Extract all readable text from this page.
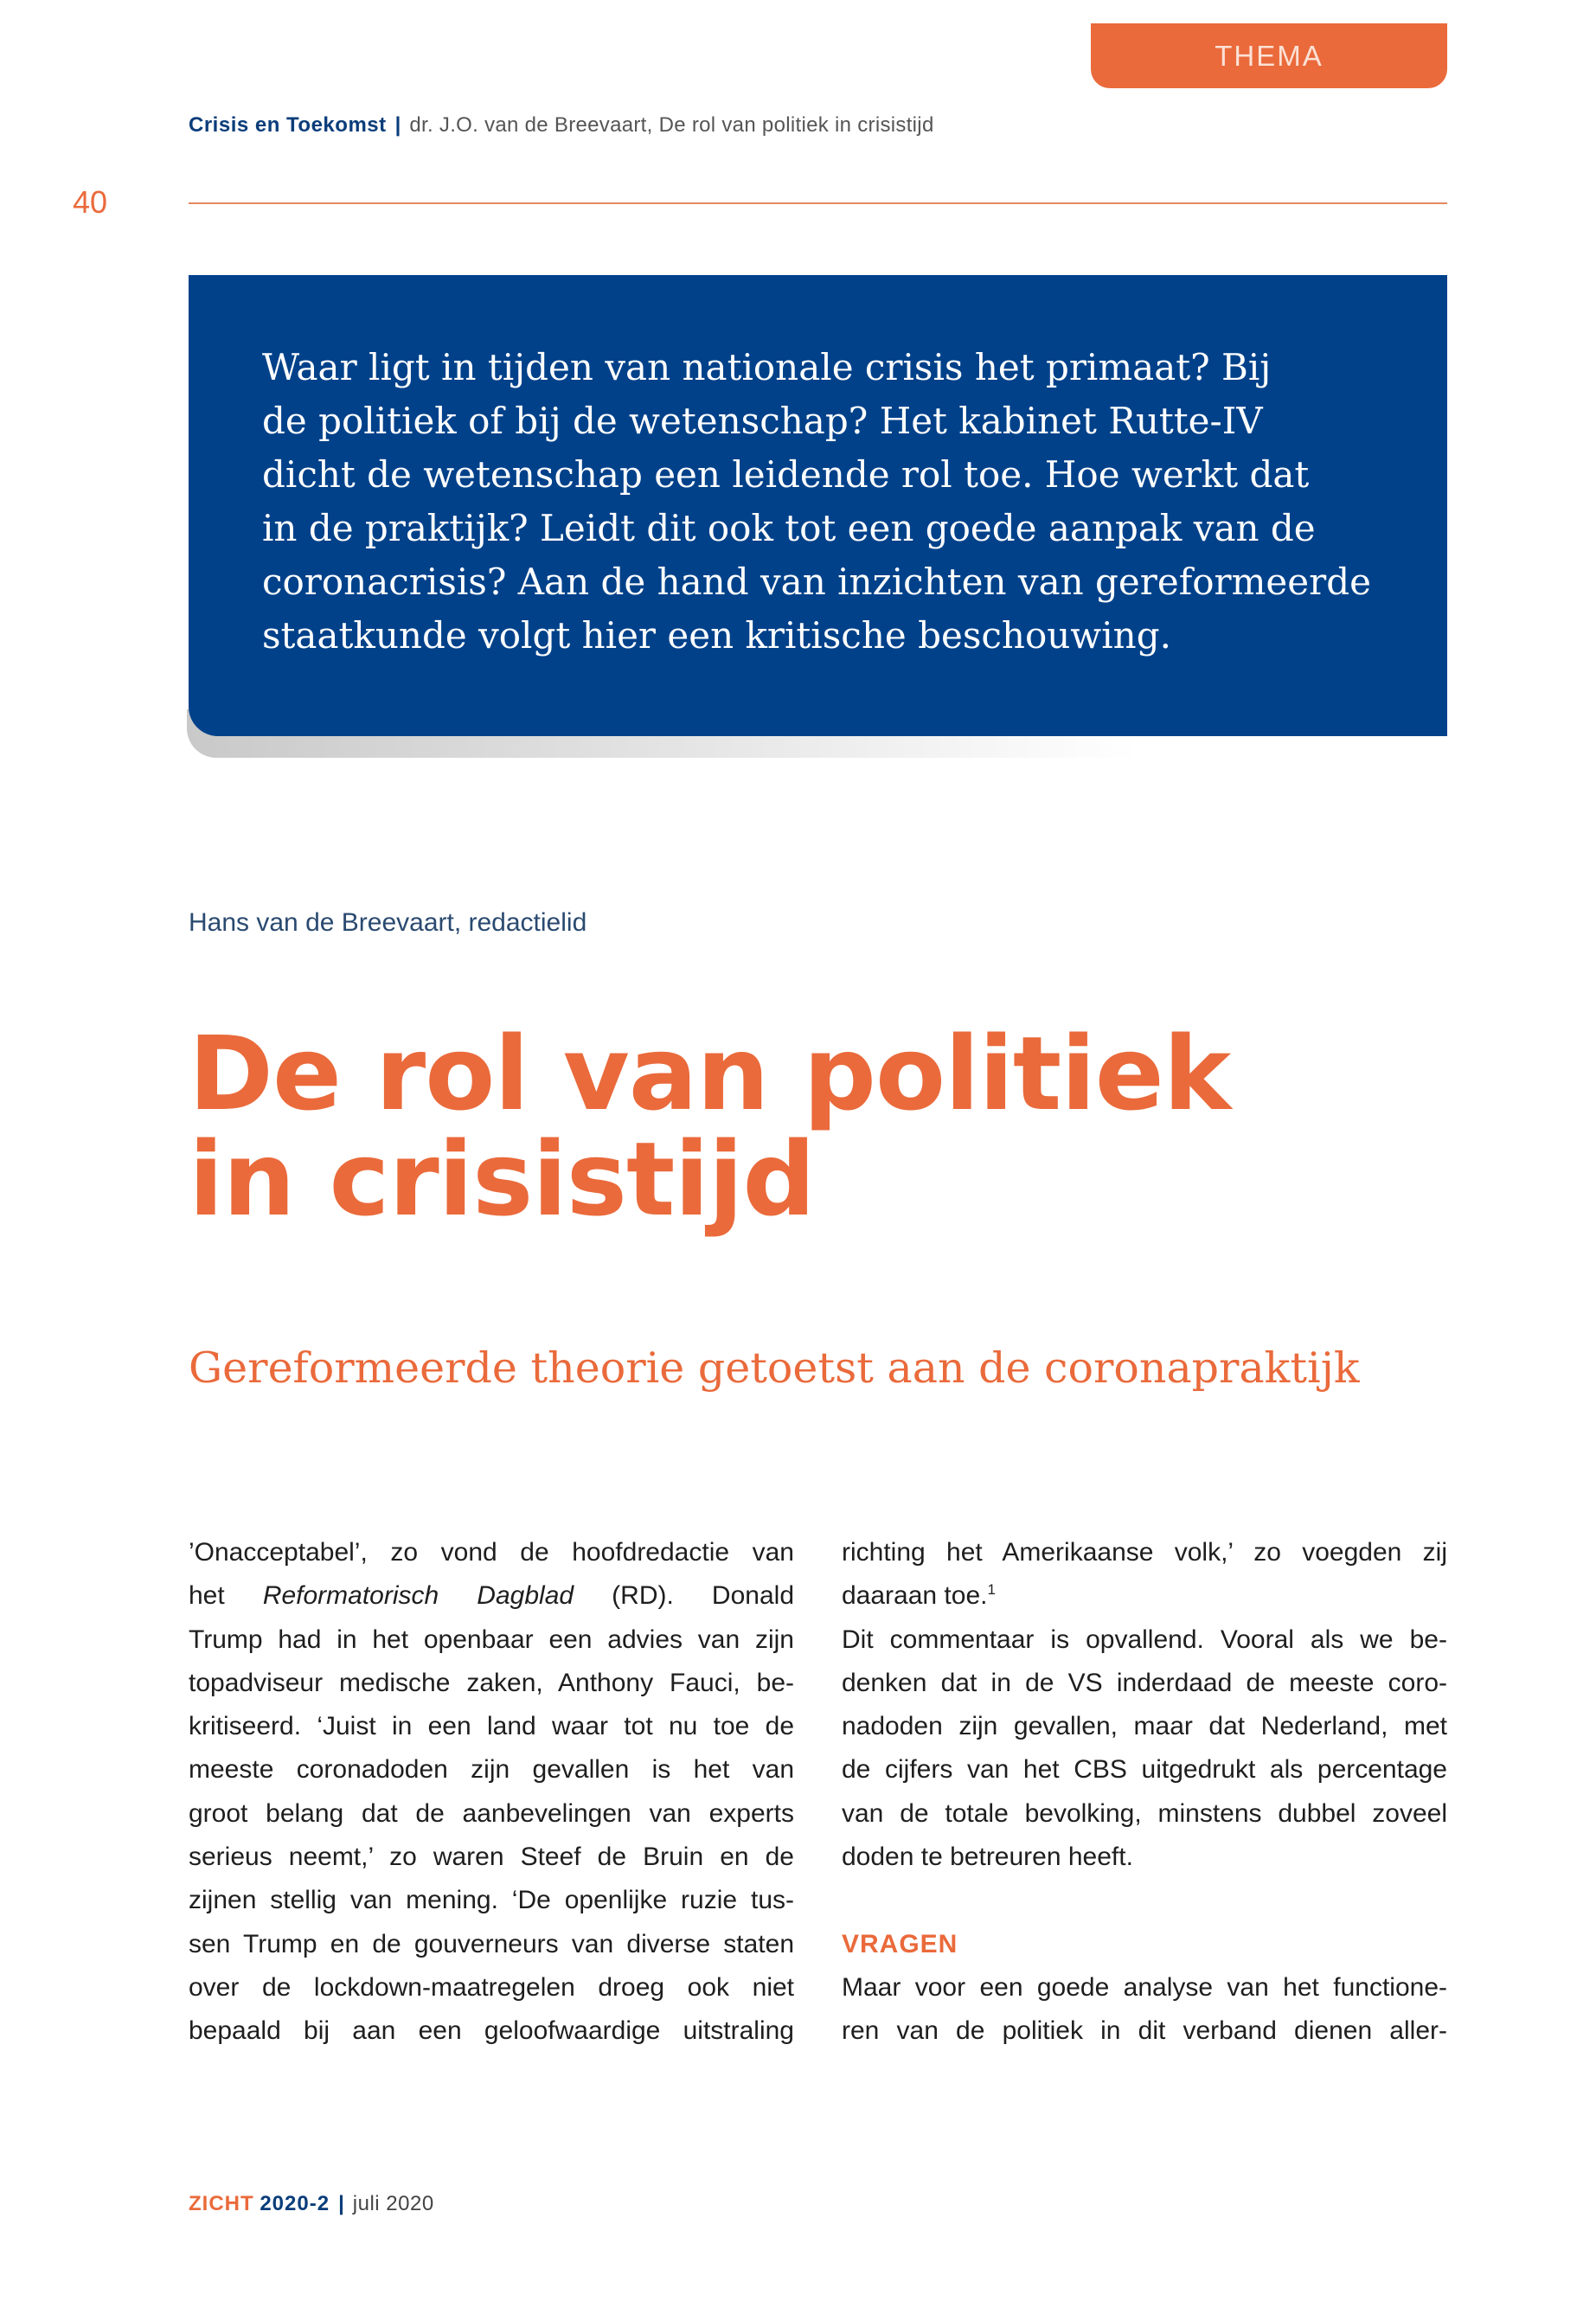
THEMA
Crisis en Toekomst | dr. J.O. van de Breevaart, De rol van politiek in crisistijd
40

Waar ligt in tijden van nationale crisis het primaat? Bij
de politiek of bij de wetenschap? Het kabinet Rutte-IV
dicht de wetenschap een leidende rol toe. Hoe werkt dat
in de praktijk? Leidt dit ook tot een goede aanpak van de
coronacrisis? Aan de hand van inzichten van gereformeerde
staatkunde volgt hier een kritische beschouwing.

Hans van de Breevaart, redactielid
De rol van politiek
in crisistijd
Gereformeerde theorie getoetst aan de coronapraktijk
’Onacceptabel’, zo vond de hoofdredactie van
het Reformatorisch Dagblad (RD). Donald
Trump had in het openbaar een advies van zijn
topadviseur medische zaken, Anthony Fauci, be-
kritiseerd. ‘Juist in een land waar tot nu toe de
meeste coronadoden zijn gevallen is het van
groot belang dat de aanbevelingen van experts
serieus neemt,’ zo waren Steef de Bruin en de
zijnen stellig van mening. ‘De openlijke ruzie tus-
sen Trump en de gouverneurs van diverse staten
over de lockdown-maatregelen droeg ook niet
bepaald bij aan een geloofwaardige uitstraling
richting het Amerikaanse volk,’ zo voegden zij
daaraan toe.$^1$
Dit commentaar is opvallend. Vooral als we be-
denken dat in de VS inderdaad de meeste coro-
nadoden zijn gevallen, maar dat Nederland, met
de cijfers van het CBS uitgedrukt als percentage
van de totale bevolking, minstens dubbel zoveel
doden te betreuren heeft.
VRAGEN
Maar voor een goede analyse van het functione-
ren van de politiek in dit verband dienen aller-
ZICHT 2020-2 | juli 2020
